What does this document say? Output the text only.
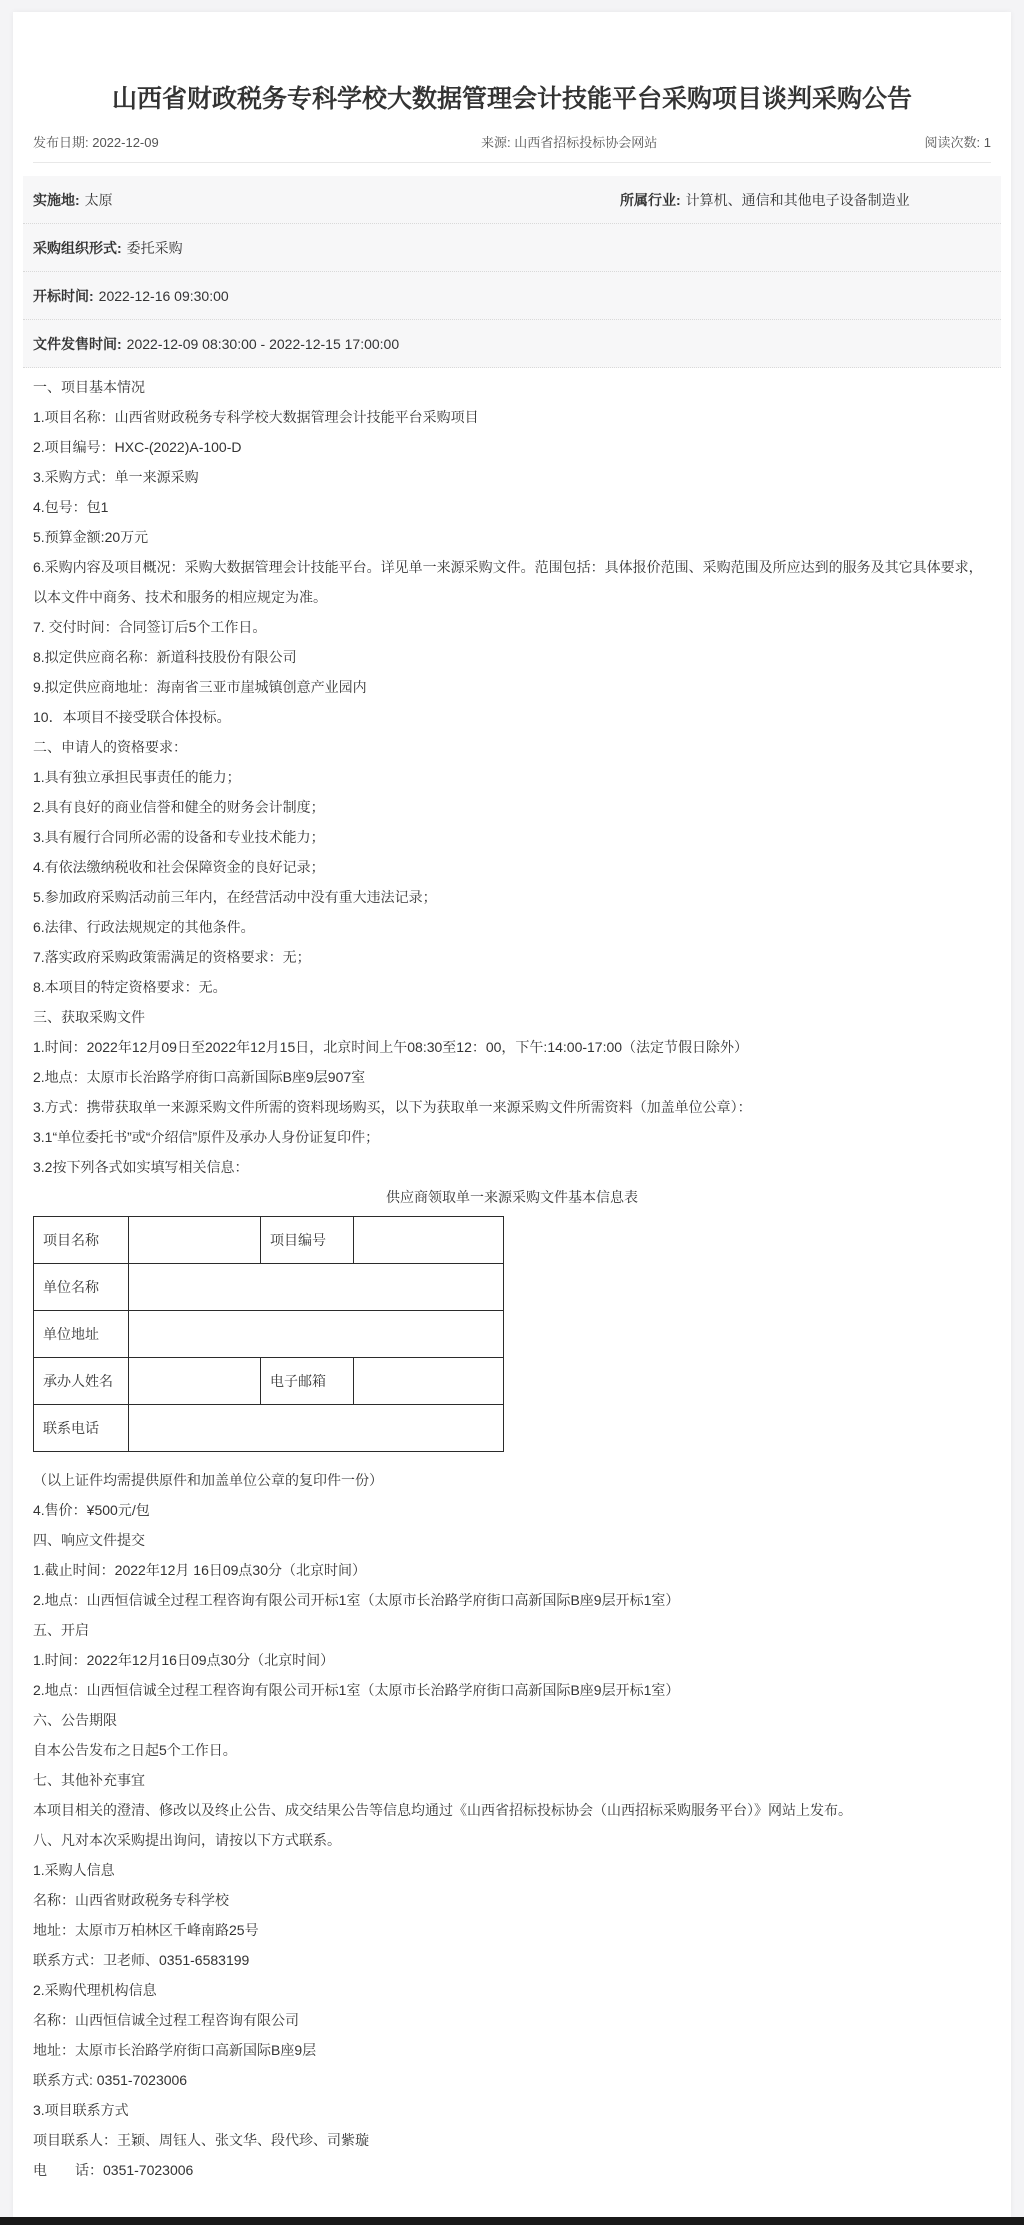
山西省财政税务专科学校大数据管理会计技能平台采购项目谈判采购公告
发布日期: 2022-12-09	来源: 山西省招标投标协会网站	阅读次数: 1
实施地: 太原	所属行业: 计算机、通信和其他电子设备制造业
采购组织形式: 委托采购
开标时间: 2022-12-16 09:30:00
文件发售时间: 2022-12-09 08:30:00 - 2022-12-15 17:00:00

一、项目基本情况

1.项目名称：山西省财政税务专科学校大数据管理会计技能平台采购项目

2.项目编号：HXC-(2022)A-100-D

3.采购方式：单一来源采购

4.包号：包1

5.预算金额:20万元

6.采购内容及项目概况：采购大数据管理会计技能平台。详见单一来源采购文件。范围包括：具体报价范围、采购范围及所应达到的服务及其它具体要求，以本文件中商务、技术和服务的相应规定为准。

7. 交付时间：合同签订后5个工作日。

8.拟定供应商名称：新道科技股份有限公司

9.拟定供应商地址：海南省三亚市崖城镇创意产业园内

10．本项目不接受联合体投标。

二、申请人的资格要求：

1.具有独立承担民事责任的能力；

2.具有良好的商业信誉和健全的财务会计制度；

3.具有履行合同所必需的设备和专业技术能力；

4.有依法缴纳税收和社会保障资金的良好记录；

5.参加政府采购活动前三年内，在经营活动中没有重大违法记录；

6.法律、行政法规规定的其他条件。

7.落实政府采购政策需满足的资格要求：无；

8.本项目的特定资格要求：无。

三、获取采购文件

1.时间：2022年12月09日至2022年12月15日，北京时间上午08:30至12：00，下午:14:00-17:00（法定节假日除外）

2.地点：太原市长治路学府街口高新国际B座9层907室

3.方式：携带获取单一来源采购文件所需的资料现场购买，以下为获取单一来源采购文件所需资料（加盖单位公章）：

3.1“单位委托书”或“介绍信”原件及承办人身份证复印件；

3.2按下列各式如实填写相关信息：

供应商领取单一来源采购文件基本信息表

项目名称		项目编号	
单位名称			
单位地址			
承办人姓名		电子邮箱	
联系电话			

（以上证件均需提供原件和加盖单位公章的复印件一份）

4.售价：¥500元/包

四、响应文件提交

1.截止时间：2022年12月 16日09点30分（北京时间）

2.地点：山西恒信诚全过程工程咨询有限公司开标1室（太原市长治路学府街口高新国际B座9层开标1室）

五、开启

1.时间：2022年12月16日09点30分（北京时间）

2.地点：山西恒信诚全过程工程咨询有限公司开标1室（太原市长治路学府街口高新国际B座9层开标1室）

六、公告期限

自本公告发布之日起5个工作日。

七、其他补充事宜

本项目相关的澄清、修改以及终止公告、成交结果公告等信息均通过《山西省招标投标协会（山西招标采购服务平台）》网站上发布。

八、凡对本次采购提出询问，请按以下方式联系。

1.采购人信息

名称：山西省财政税务专科学校

地址：太原市万柏林区千峰南路25号

联系方式：卫老师、0351-6583199

2.采购代理机构信息

名称：山西恒信诚全过程工程咨询有限公司

地址：太原市长治路学府街口高新国际B座9层

联系方式: 0351-7023006

3.项目联系方式

项目联系人：王颖、周钰人、张文华、段代珍、司紫璇

电　　话：0351-7023006
